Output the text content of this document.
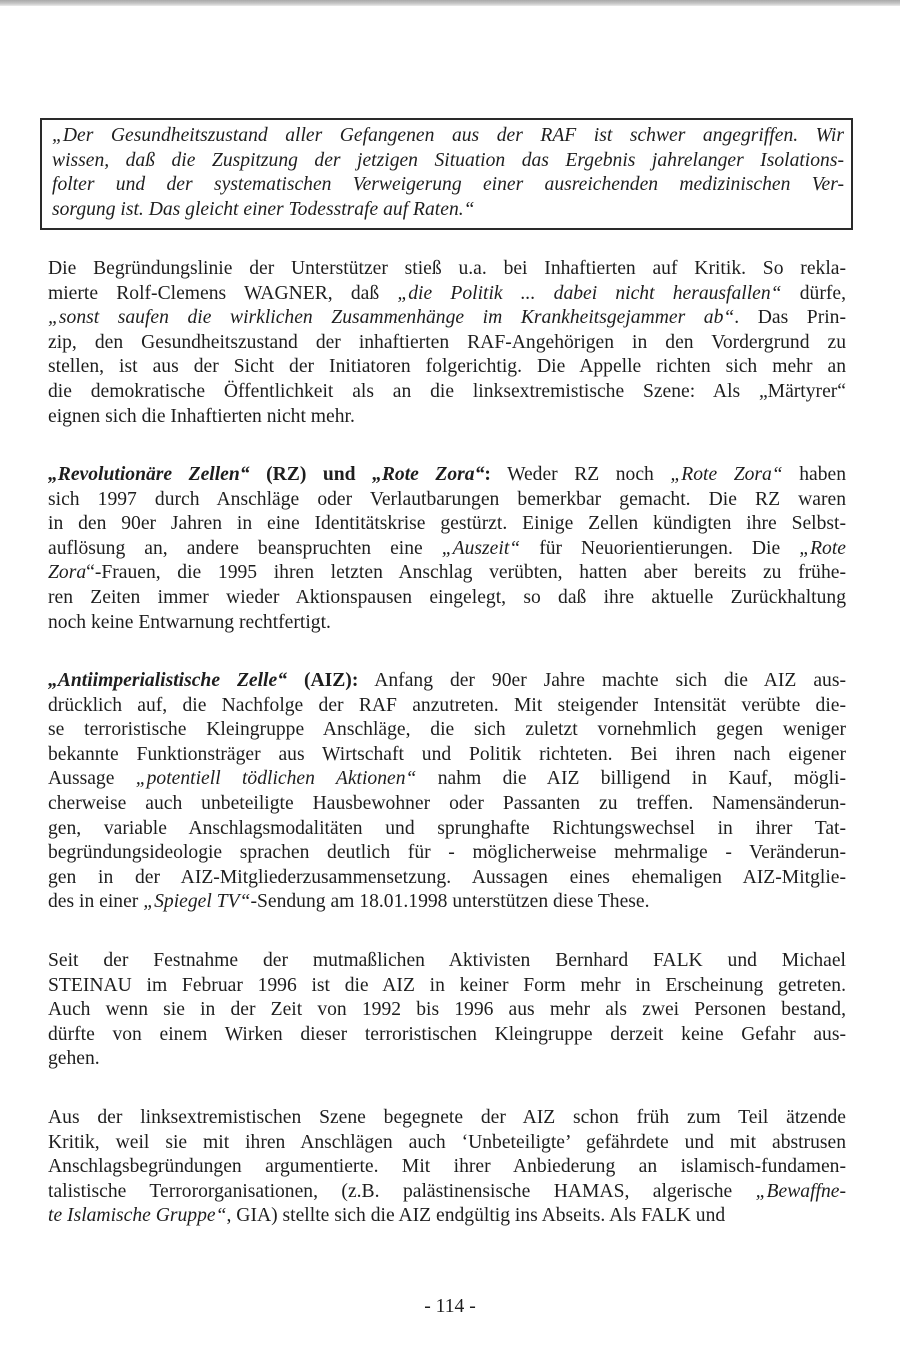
„Der Gesundheitszustand aller Gefangenen aus der RAF ist schwer angegriffen. Wir
wissen, daß die Zuspitzung der jetzigen Situation das Ergebnis jahrelanger Isolations-
folter und der systematischen Verweigerung einer ausreichenden medizinischen Ver-
sorgung ist. Das gleicht einer Todesstrafe auf Raten.“
Die Begründungslinie der Unterstützer stieß u.a. bei Inhaftierten auf Kritik. So rekla-
mierte Rolf-Clemens WAGNER, daß „die Politik ... dabei nicht herausfallen“ dürfe,
„sonst saufen die wirklichen Zusammenhänge im Krankheitsgejammer ab“. Das Prin-
zip, den Gesundheitszustand der inhaftierten RAF-Angehörigen in den Vordergrund zu
stellen, ist aus der Sicht der Initiatoren folgerichtig. Die Appelle richten sich mehr an
die demokratische Öffentlichkeit als an die linksextremistische Szene: Als „Märtyrer“
eignen sich die Inhaftierten nicht mehr.
„Revolutionäre Zellen“ (RZ) und „Rote Zora“: Weder RZ noch „Rote Zora“ haben
sich 1997 durch Anschläge oder Verlautbarungen bemerkbar gemacht. Die RZ waren
in den 90er Jahren in eine Identitätskrise gestürzt. Einige Zellen kündigten ihre Selbst-
auflösung an, andere beanspruchten eine „Auszeit“ für Neuorientierungen. Die „Rote
Zora“-Frauen, die 1995 ihren letzten Anschlag verübten, hatten aber bereits zu frühe-
ren Zeiten immer wieder Aktionspausen eingelegt, so daß ihre aktuelle Zurückhaltung
noch keine Entwarnung rechtfertigt.
„Antiimperialistische Zelle“ (AIZ): Anfang der 90er Jahre machte sich die AIZ aus-
drücklich auf, die Nachfolge der RAF anzutreten. Mit steigender Intensität verübte die-
se terroristische Kleingruppe Anschläge, die sich zuletzt vornehmlich gegen weniger
bekannte Funktionsträger aus Wirtschaft und Politik richteten. Bei ihren nach eigener
Aussage „potentiell tödlichen Aktionen“ nahm die AIZ billigend in Kauf, mögli-
cherweise auch unbeteiligte Hausbewohner oder Passanten zu treffen. Namensänderun-
gen, variable Anschlagsmodalitäten und sprunghafte Richtungswechsel in ihrer Tat-
begründungsideologie sprachen deutlich für - möglicherweise mehrmalige - Veränderun-
gen in der AIZ-Mitgliederzusammensetzung. Aussagen eines ehemaligen AIZ-Mitglie-
des in einer „Spiegel TV“-Sendung am 18.01.1998 unterstützen diese These.
Seit der Festnahme der mutmaßlichen Aktivisten Bernhard FALK und Michael
STEINAU im Februar 1996 ist die AIZ in keiner Form mehr in Erscheinung getreten.
Auch wenn sie in der Zeit von 1992 bis 1996 aus mehr als zwei Personen bestand,
dürfte von einem Wirken dieser terroristischen Kleingruppe derzeit keine Gefahr aus-
gehen.
Aus der linksextremistischen Szene begegnete der AIZ schon früh zum Teil ätzende
Kritik, weil sie mit ihren Anschlägen auch ‘Unbeteiligte’ gefährdete und mit abstrusen
Anschlagsbegründungen argumentierte. Mit ihrer Anbiederung an islamisch-fundamen-
talistische Terrororganisationen, (z.B. palästinensische HAMAS, algerische „Bewaffne-
te Islamische Gruppe“, GIA) stellte sich die AIZ endgültig ins Abseits. Als FALK und
- 114 -
